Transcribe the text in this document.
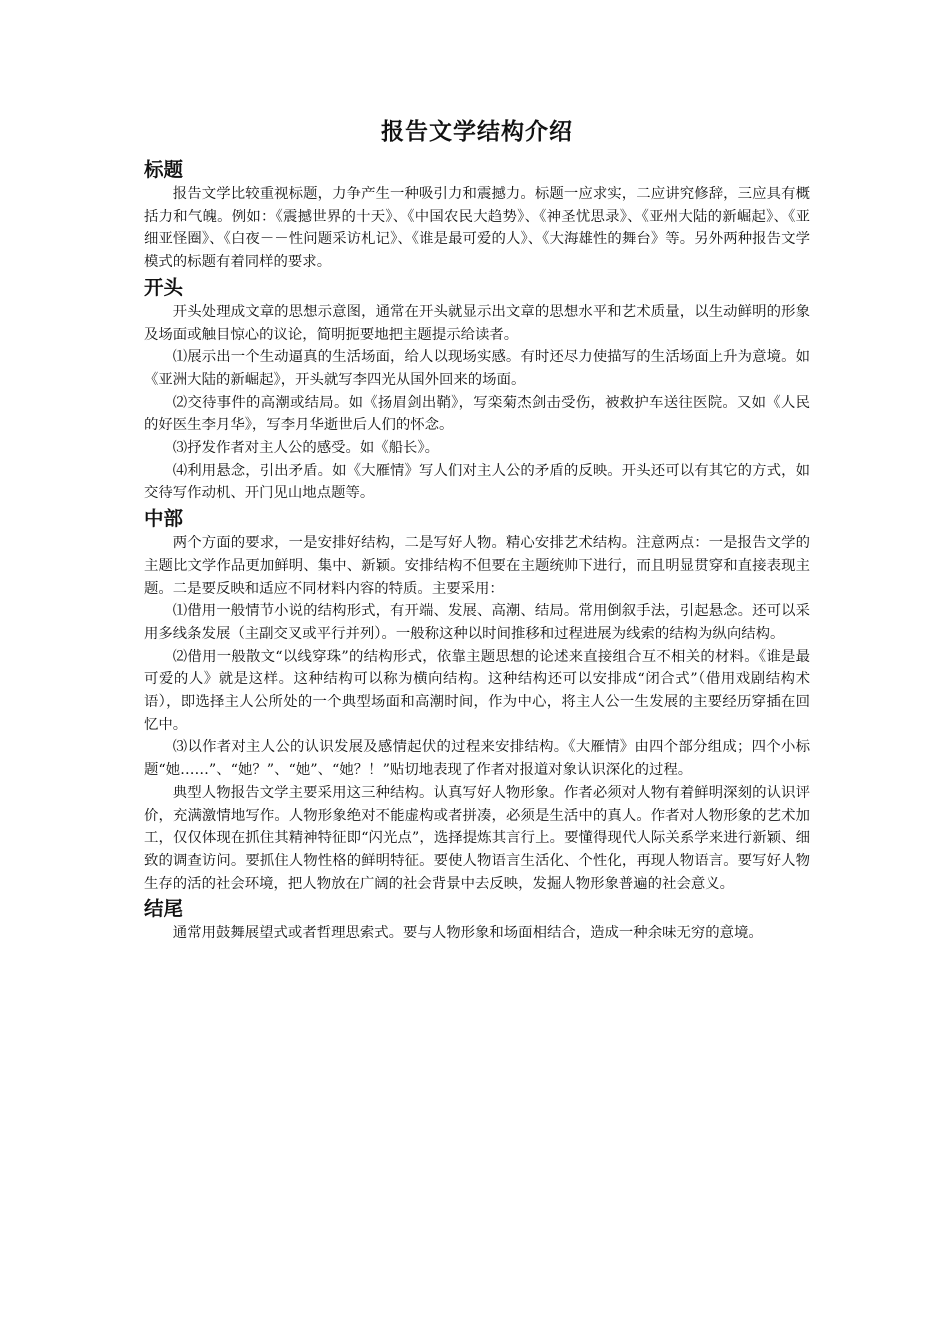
报告文学结构介绍
标题

报告文学比较重视标题，力争产生一种吸引力和震撼力。标题一应求实，二应讲究修辞，三应具有概括力和气魄。例如：《震撼世界的十天》、《中国农民大趋势》、《神圣忧思录》、《亚州大陆的新崛起》、《亚细亚怪圈》、《白夜－－性问题采访札记》、《谁是最可爱的人》、《大海雄性的舞台》等。另外两种报告文学模式的标题有着同样的要求。

开头

开头处理成文章的思想示意图，通常在开头就显示出文章的思想水平和艺术质量，以生动鲜明的形象及场面或触目惊心的议论，简明扼要地把主题提示给读者。

⑴展示出一个生动逼真的生活场面，给人以现场实感。有时还尽力使描写的生活场面上升为意境。如《亚洲大陆的新崛起》，开头就写李四光从国外回来的场面。

⑵交待事件的高潮或结局。如《扬眉剑出鞘》，写栾菊杰剑击受伤，被救护车送往医院。又如《人民的好医生李月华》，写李月华逝世后人们的怀念。

⑶抒发作者对主人公的感受。如《船长》。

⑷利用悬念，引出矛盾。如《大雁情》写人们对主人公的矛盾的反映。开头还可以有其它的方式，如交待写作动机、开门见山地点题等。

中部

两个方面的要求，一是安排好结构，二是写好人物。精心安排艺术结构。注意两点：一是报告文学的主题比文学作品更加鲜明、集中、新颖。安排结构不但要在主题统帅下进行，而且明显贯穿和直接表现主题。二是要反映和适应不同材料内容的特质。主要采用：

⑴借用一般情节小说的结构形式，有开端、发展、高潮、结局。常用倒叙手法，引起悬念。还可以采用多线条发展（主副交叉或平行并列）。一般称这种以时间推移和过程进展为线索的结构为纵向结构。

⑵借用一般散文“以线穿珠”的结构形式，依靠主题思想的论述来直接组合互不相关的材料。《谁是最可爱的人》就是这样。这种结构可以称为横向结构。这种结构还可以安排成“闭合式”（借用戏剧结构术语），即选择主人公所处的一个典型场面和高潮时间，作为中心，将主人公一生发展的主要经历穿插在回忆中。

⑶以作者对主人公的认识发展及感情起伏的过程来安排结构。《大雁情》由四个部分组成；四个小标题“她……”、“她？”、“她”、“她？！”贴切地表现了作者对报道对象认识深化的过程。

典型人物报告文学主要采用这三种结构。认真写好人物形象。作者必须对人物有着鲜明深刻的认识评价，充满激情地写作。人物形象绝对不能虚构或者拼凑，必须是生活中的真人。作者对人物形象的艺术加工，仅仅体现在抓住其精神特征即“闪光点”，选择提炼其言行上。要懂得现代人际关系学来进行新颖、细致的调查访问。要抓住人物性格的鲜明特征。要使人物语言生活化、个性化，再现人物语言。要写好人物生存的活的社会环境，把人物放在广阔的社会背景中去反映，发掘人物形象普遍的社会意义。

结尾

通常用鼓舞展望式或者哲理思索式。要与人物形象和场面相结合，造成一种余味无穷的意境。
